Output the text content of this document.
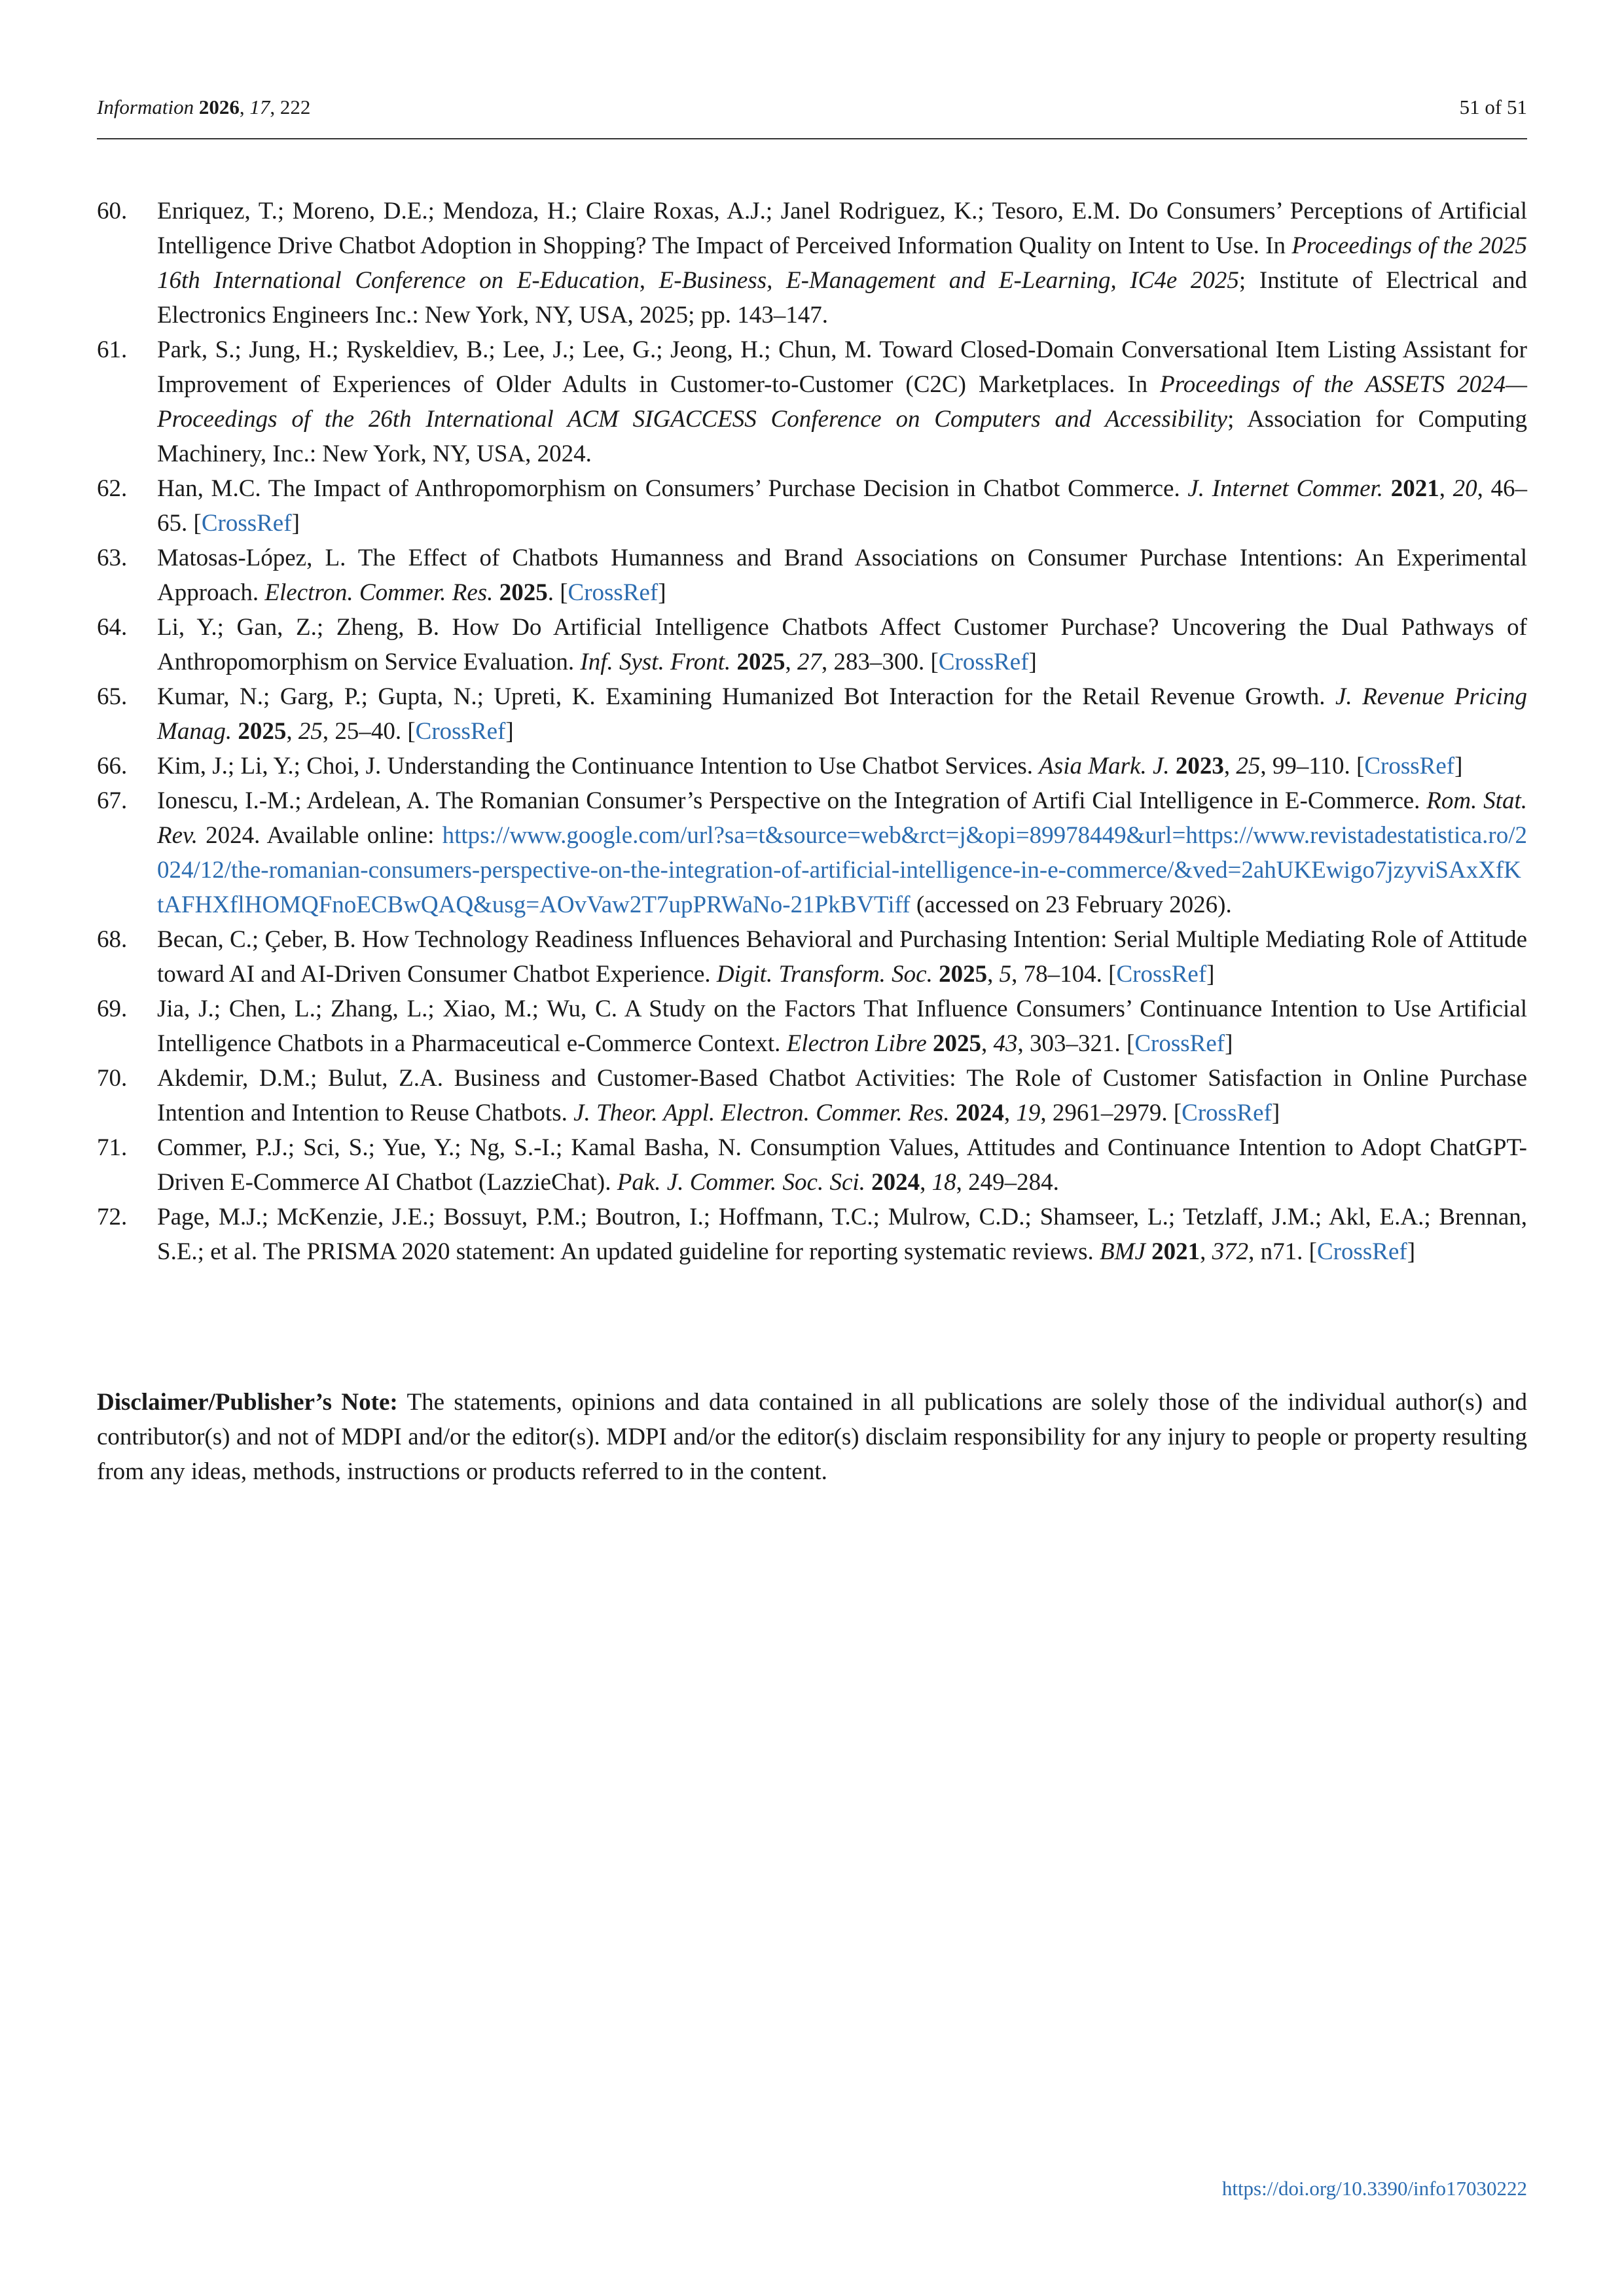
Information 2026, 17, 222	51 of 51
60. Enriquez, T.; Moreno, D.E.; Mendoza, H.; Claire Roxas, A.J.; Janel Rodriguez, K.; Tesoro, E.M. Do Consumers’ Perceptions of Artificial Intelligence Drive Chatbot Adoption in Shopping? The Impact of Perceived Information Quality on Intent to Use. In Proceedings of the 2025 16th International Conference on E-Education, E-Business, E-Management and E-Learning, IC4e 2025; Institute of Electrical and Electronics Engineers Inc.: New York, NY, USA, 2025; pp. 143–147.
61. Park, S.; Jung, H.; Ryskeldiev, B.; Lee, J.; Lee, G.; Jeong, H.; Chun, M. Toward Closed-Domain Conversational Item Listing Assistant for Improvement of Experiences of Older Adults in Customer-to-Customer (C2C) Marketplaces. In Proceedings of the ASSETS 2024—Proceedings of the 26th International ACM SIGACCESS Conference on Computers and Accessibility; Association for Computing Machinery, Inc.: New York, NY, USA, 2024.
62. Han, M.C. The Impact of Anthropomorphism on Consumers’ Purchase Decision in Chatbot Commerce. J. Internet Commer. 2021, 20, 46–65. [CrossRef]
63. Matosas-López, L. The Effect of Chatbots Humanness and Brand Associations on Consumer Purchase Intentions: An Experimental Approach. Electron. Commer. Res. 2025. [CrossRef]
64. Li, Y.; Gan, Z.; Zheng, B. How Do Artificial Intelligence Chatbots Affect Customer Purchase? Uncovering the Dual Pathways of Anthropomorphism on Service Evaluation. Inf. Syst. Front. 2025, 27, 283–300. [CrossRef]
65. Kumar, N.; Garg, P.; Gupta, N.; Upreti, K. Examining Humanized Bot Interaction for the Retail Revenue Growth. J. Revenue Pricing Manag. 2025, 25, 25–40. [CrossRef]
66. Kim, J.; Li, Y.; Choi, J. Understanding the Continuance Intention to Use Chatbot Services. Asia Mark. J. 2023, 25, 99–110. [CrossRef]
67. Ionescu, I.-M.; Ardelean, A. The Romanian Consumer’s Perspective on the Integration of Artifi Cial Intelligence in E-Commerce. Rom. Stat. Rev. 2024. Available online: https://www.google.com/url?sa=t&source=web&rct=j&opi=89978449&url=https://www.revistadestatistica.ro/2024/12/the-romanian-consumers-perspective-on-the-integration-of-artificial-intelligence-in-e-commerce/&ved=2ahUKEwigo7jzyviSAxXfKtAFHXflHOMQFnoECBwQAQ&usg=AOvVaw2T7upPRWaNo-21PkBVTiff (accessed on 23 February 2026).
68. Becan, C.; Çeber, B. How Technology Readiness Influences Behavioral and Purchasing Intention: Serial Multiple Mediating Role of Attitude toward AI and AI-Driven Consumer Chatbot Experience. Digit. Transform. Soc. 2025, 5, 78–104. [CrossRef]
69. Jia, J.; Chen, L.; Zhang, L.; Xiao, M.; Wu, C. A Study on the Factors That Influence Consumers’ Continuance Intention to Use Artificial Intelligence Chatbots in a Pharmaceutical e-Commerce Context. Electron Libre 2025, 43, 303–321. [CrossRef]
70. Akdemir, D.M.; Bulut, Z.A. Business and Customer-Based Chatbot Activities: The Role of Customer Satisfaction in Online Purchase Intention and Intention to Reuse Chatbots. J. Theor. Appl. Electron. Commer. Res. 2024, 19, 2961–2979. [CrossRef]
71. Commer, P.J.; Sci, S.; Yue, Y.; Ng, S.-I.; Kamal Basha, N. Consumption Values, Attitudes and Continuance Intention to Adopt ChatGPT-Driven E-Commerce AI Chatbot (LazzieChat). Pak. J. Commer. Soc. Sci. 2024, 18, 249–284.
72. Page, M.J.; McKenzie, J.E.; Bossuyt, P.M.; Boutron, I.; Hoffmann, T.C.; Mulrow, C.D.; Shamseer, L.; Tetzlaff, J.M.; Akl, E.A.; Brennan, S.E.; et al. The PRISMA 2020 statement: An updated guideline for reporting systematic reviews. BMJ 2021, 372, n71. [CrossRef]
Disclaimer/Publisher’s Note: The statements, opinions and data contained in all publications are solely those of the individual author(s) and contributor(s) and not of MDPI and/or the editor(s). MDPI and/or the editor(s) disclaim responsibility for any injury to people or property resulting from any ideas, methods, instructions or products referred to in the content.
https://doi.org/10.3390/info17030222
